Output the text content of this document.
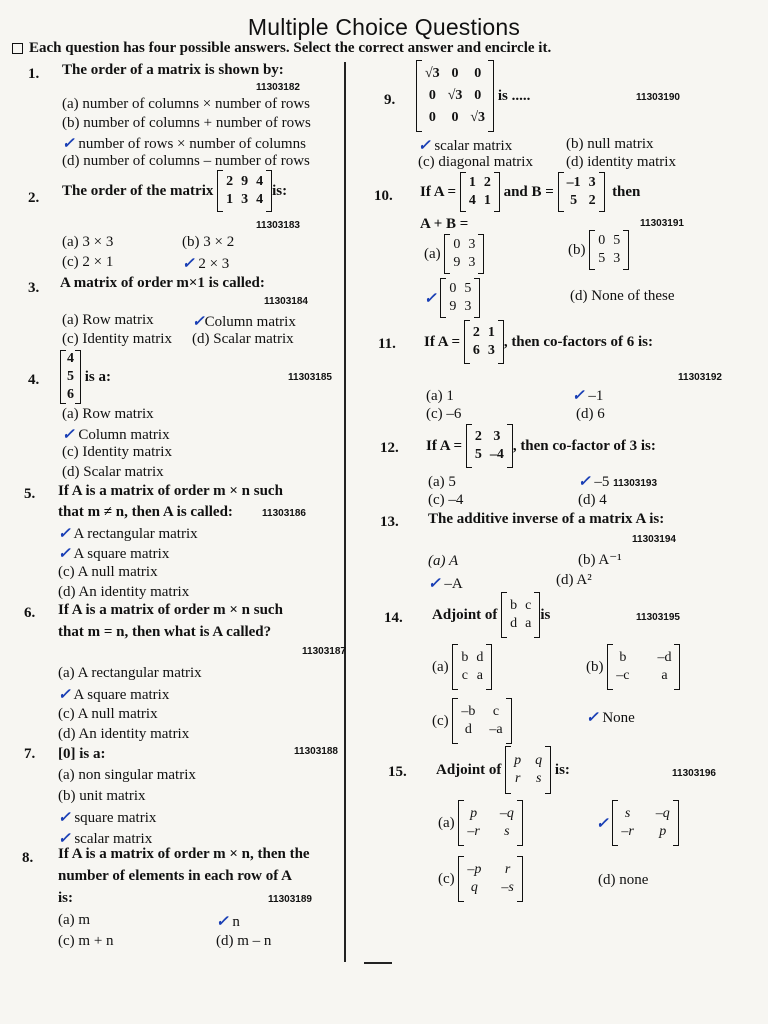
Multiple Choice Questions
Each question has four possible answers. Select the correct answer and encircle it.
1. The order of a matrix is shown by:
11303182
(a) number of columns × number of rows
(b) number of columns + number of rows
✓ number of rows × number of columns
(d) number of columns – number of rows
2. The order of the matrix

2 9 4
1 3 4
is:
11303183
(a) 3 × 3	(b) 3 × 2
(c) 2 × 1	✓ 2 × 3
3. A matrix of order m×1 is called:
11303184
(a) Row matrix	✓Column matrix
(c) Identity matrix (d) Scalar matrix
4.
4
5
6

is a:	11303185
(a) Row matrix
✓ Column matrix
(c) Identity matrix
(d) Scalar matrix
5. If A is a matrix of order m × n such
that m ≠ n, then A is called:	11303186
✓ A rectangular matrix
✓ A square matrix
(c) A null matrix
(d) An identity matrix
6. If A is a matrix of order m × n such
that m = n, then what is A called?
11303187
(a) A rectangular matrix
✓ A square matrix
(c) A null matrix
(d) An identity matrix
7. [0] is a:	11303188
(a) non singular matrix
(b) unit matrix
✓ square matrix
✓ scalar matrix
8. If A is a matrix of order m × n, then the
number of elements in each row of A
is:	11303189
(a) m	✓ n
(c) m + n	(d) m – n
9.
√3 0 0
0 √3 0
0 0 √3

is .....	11303190
✓ scalar matrix	(b) null matrix
(c) diagonal matrix (d) identity matrix
10. If A =

1 2
4 1

and B =

–1 3
5 2

then
A + B =	11303191
(a)

0 3
9 3
(b)

0 5
5 3
✓

0 5
9 3
(d) None of these
11. If A =

2 1
6 3
, then co-factors of 6 is:
11303192
(a) 1	✓ –1
(c) –6	(d) 6
12. If A =

2 3
5 –4
, then co-factor of 3 is:
(a) 5	✓ –5 11303193
(c) –4	(d) 4
13. The additive inverse of a matrix A is:
11303194
(a) A	(b) A⁻¹
✓ –A	(d) A²
14. Adjoint of

b c
d a
is	11303195
(a)

b d
c a
(b)

b –d
–c a
(c)

–b c
d –a
✓ None
15. Adjoint of

p q
r s

is:	11303196
(a)

p –q
–r	s	✓

s –q
–r p
(c)

–p r
q –s	(d) none
